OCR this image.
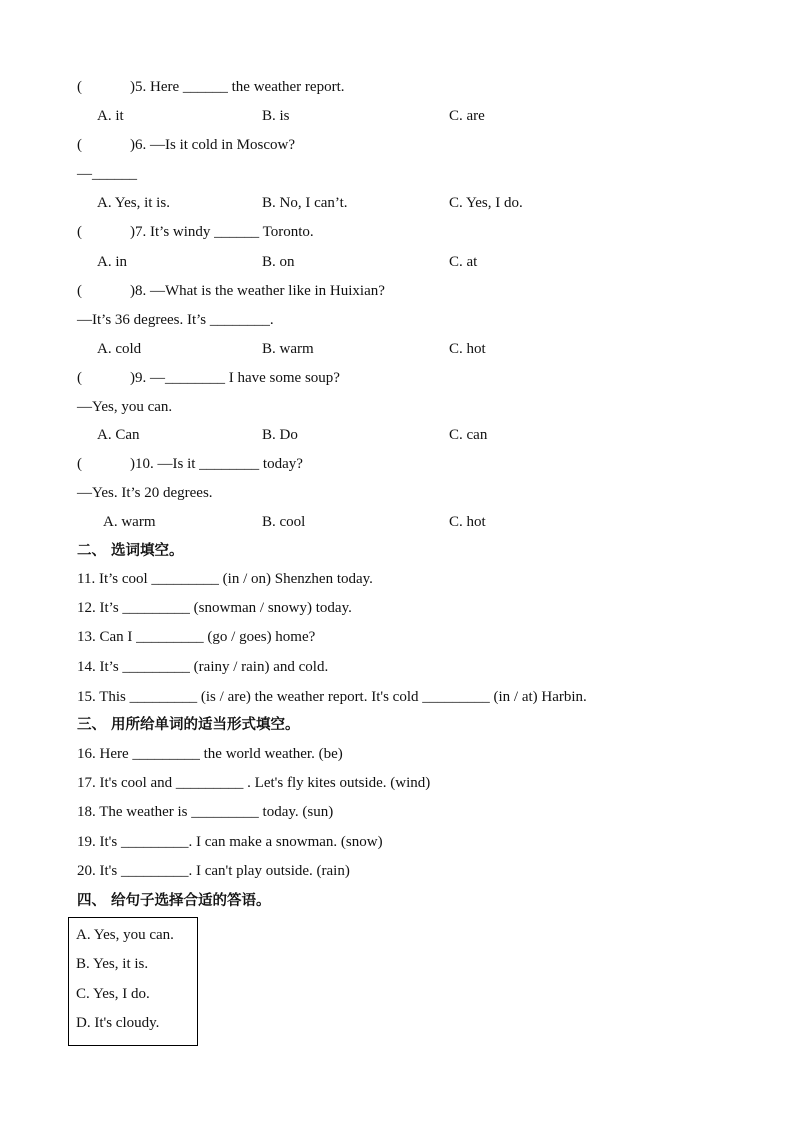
(	)5. Here ______ the weather report.
A. it	B. is	C. are
(	)6. —Is it cold in Moscow?
—______
A. Yes, it is.	B. No, I can’t.	C. Yes, I do.
(	)7. It’s windy ______ Toronto.
A. in	B. on	C. at
(	)8. —What is the weather like in Huixian?
—It’s 36 degrees. It’s ________.
A. cold	B. warm	C. hot
(	)9. —________ I have some soup?
—Yes, you can.
A. Can	B. Do	C. can
(	)10. —Is it ________ today?
—Yes. It’s 20 degrees.
A. warm	B. cool	C. hot
二、 选词填空。
11. It’s cool _________ (in / on) Shenzhen today.
12. It’s _________ (snowman / snowy) today.
13. Can I _________ (go / goes) home?
14. It’s _________ (rainy / rain) and cold.
15. This _________ (is / are) the weather report. It's cold _________ (in / at) Harbin.
三、 用所给单词的适当形式填空。
16. Here _________ the world weather. (be)
17. It's cool and _________ . Let's fly kites outside. (wind)
18. The weather is _________ today. (sun)
19. It's _________. I can make a snowman. (snow)
20. It's _________. I can't play outside. (rain)
四、 给句子选择合适的答语。
A. Yes, you can.
B. Yes, it is.
C. Yes, I do.
D. It's cloudy.
